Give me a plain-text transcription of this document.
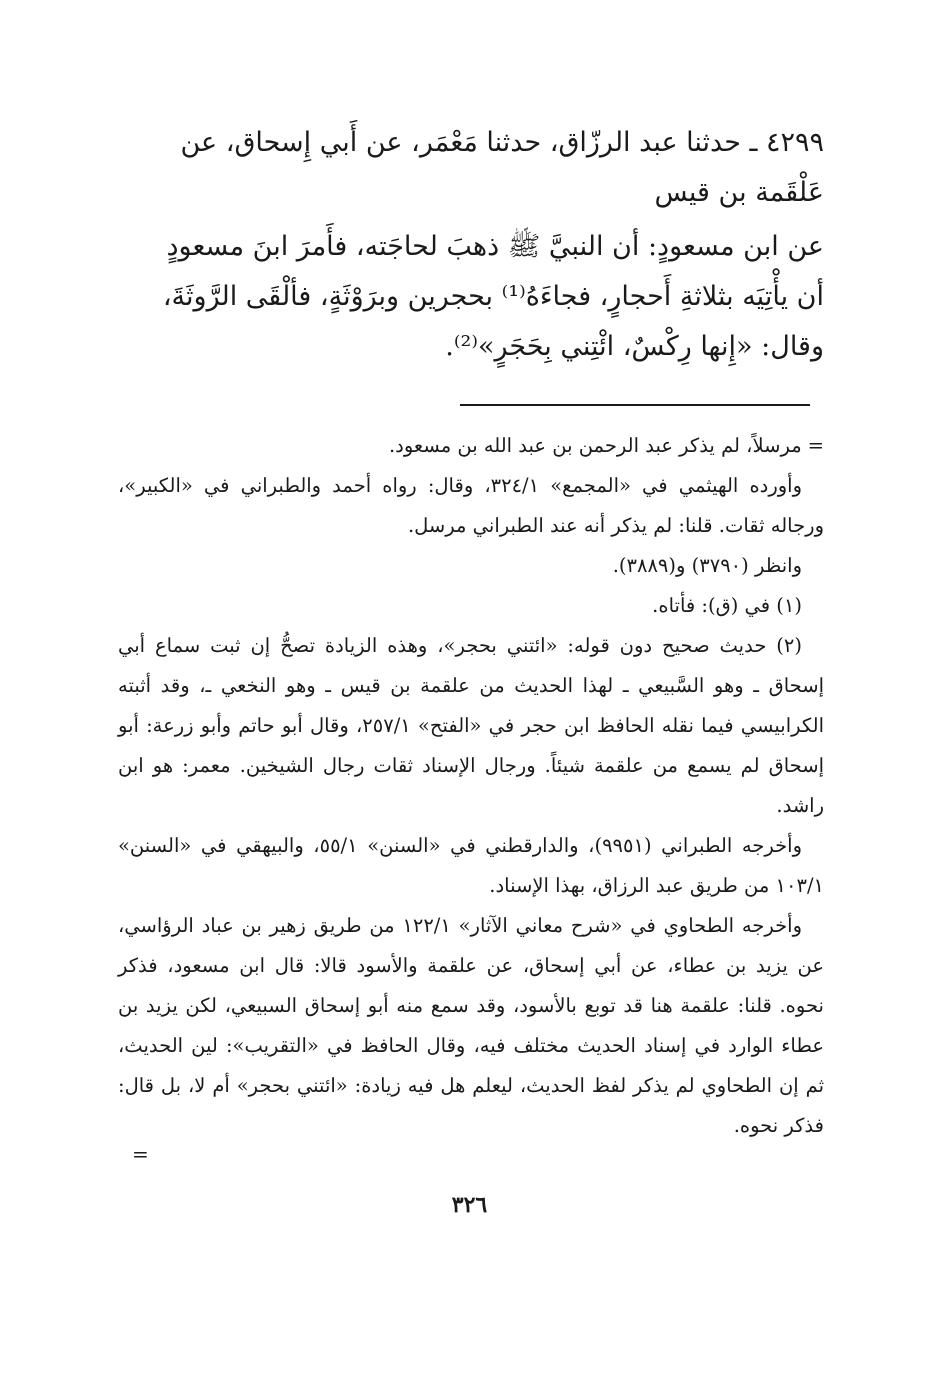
٤٢٩٩ ـ حدثنا عبد الرزّاق، حدثنا مَعْمَر، عن أَبي إِسحاق، عن

عَلْقَمة بن قيس

عن ابن مسعودٍ: أن النبيَّ ﷺ ذهبَ لحاجَته، فأَمرَ ابنَ مسعودٍ

أن يأْتِيَه بثلاثةِ أَحجارٍ، فجاءَهُ⁽¹⁾ بحجرين وبرَوْثَةٍ، فألْقَى الرَّوثَةَ،

وقال: «إِنها رِكْسٌ، ائْتِني بِحَجَرٍ»⁽²⁾.

=مرسلاً، لم يذكر عبد الرحمن بن عبد الله بن مسعود.

وأورده الهيثمي في «المجمع» ٣٢٤/١، وقال: رواه أحمد والطبراني في «الكبير»، ورجاله ثقات. قلنا: لم يذكر أنه عند الطبراني مرسل.

وانظر (٣٧٩٠) و(٣٨٨٩).

(١) في (ق): فأتاه.

(٢) حديث صحيح دون قوله: «ائتني بحجر»، وهذه الزيادة تصحُّ إن ثبت سماع أبي إسحاق ـ وهو السَّبيعي ـ لهذا الحديث من علقمة بن قيس ـ وهو النخعي ـ، وقد أثبته الكرابيسي فيما نقله الحافظ ابن حجر في «الفتح» ٢٥٧/١، وقال أبو حاتم وأبو زرعة: أبو إسحاق لم يسمع من علقمة شيئاً. ورجال الإسناد ثقات رجال الشيخين. معمر: هو ابن راشد.

وأخرجه الطبراني (٩٩٥١)، والدارقطني في «السنن» ٥٥/١، والبيهقي في «السنن» ١٠٣/١ من طريق عبد الرزاق، بهذا الإسناد.

وأخرجه الطحاوي في «شرح معاني الآثار» ١٢٢/١ من طريق زهير بن عباد الرؤاسي، عن يزيد بن عطاء، عن أبي إسحاق، عن علقمة والأسود قالا: قال ابن مسعود، فذكر نحوه. قلنا: علقمة هنا قد توبع بالأسود، وقد سمع منه أبو إسحاق السبيعي، لكن يزيد بن عطاء الوارد في إسناد الحديث مختلف فيه، وقال الحافظ في «التقريب»: لين الحديث، ثم إن الطحاوي لم يذكر لفظ الحديث، ليعلم هل فيه زيادة: «ائتني بحجر» أم لا، بل قال: فذكر نحوه.

=
٣٢٦
